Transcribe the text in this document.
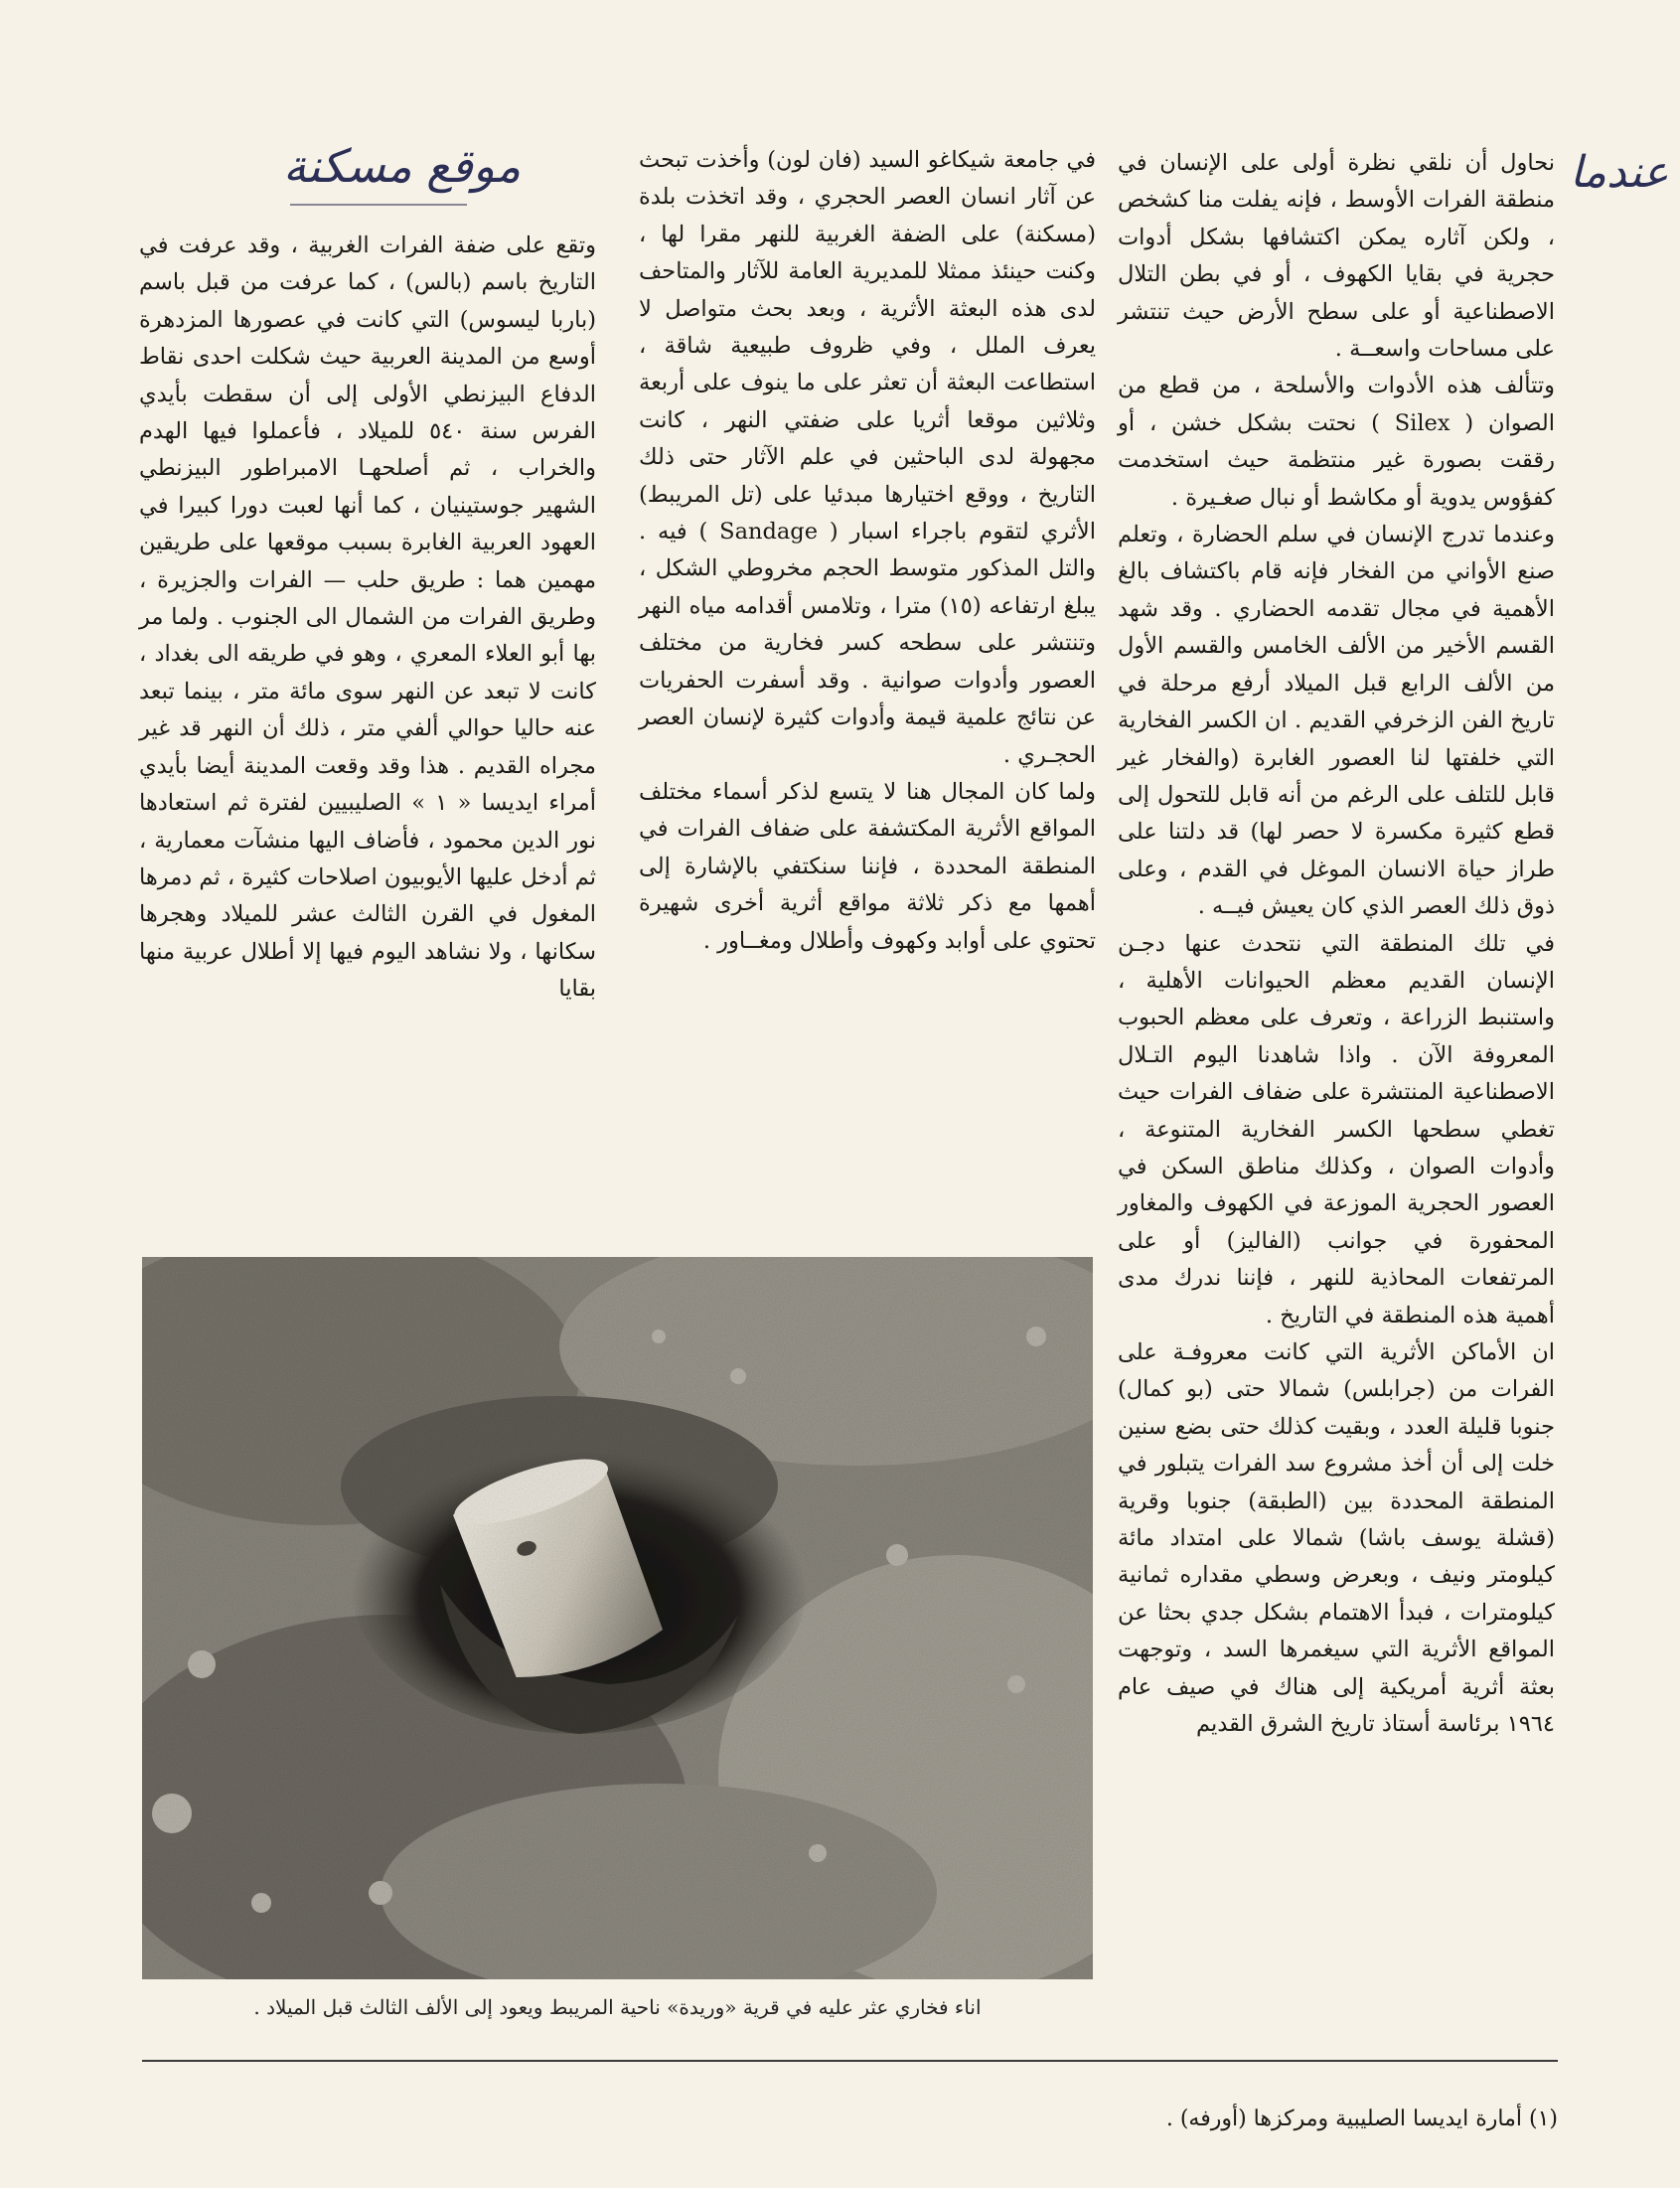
عندما

نحاول أن نلقي نظرة أولى على الإنسان في منطقة الفرات الأوسط ، فإنه يفلت منا كشخص ، ولكن آثاره يمكن اكتشافها بشكل أدوات حجرية في بقايا الكهوف ، أو في بطن التلال الاصطناعية أو على سطح الأرض حيث تنتشر على مساحات واسعــة .

وتتألف هذه الأدوات والأسلحة ، من قطع من الصوان ( Silex ) نحتت بشكل خشن ، أو رققت بصورة غير منتظمة حيث استخدمت كفؤوس يدوية أو مكاشط أو نبال صغـيرة .

وعندما تدرج الإنسان في سلم الحضارة ، وتعلم صنع الأواني من الفخار فإنه قام باكتشاف بالغ الأهمية في مجال تقدمه الحضاري . وقد شهد القسم الأخير من الألف الخامس والقسم الأول من الألف الرابع قبل الميلاد أرفع مرحلة في تاريخ الفن الزخرفي القديم . ان الكسر الفخارية التي خلفتها لنا العصور الغابرة (والفخار غير قابل للتلف على الرغم من أنه قابل للتحول إلى قطع كثيرة مكسرة لا حصر لها) قد دلتنا على طراز حياة الانسان الموغل في القدم ، وعلى ذوق ذلك العصر الذي كان يعيش فيــه .

في تلك المنطقة التي نتحدث عنها دجـن الإنسان القديم معظم الحيوانات الأهلية ، واستنبط الزراعة ، وتعرف على معظم الحبوب المعروفة الآن . واذا شاهدنا اليوم التـلال الاصطناعية المنتشرة على ضفاف الفرات حيث تغطي سطحها الكسر الفخارية المتنوعة ، وأدوات الصوان ، وكذلك مناطق السكن في العصور الحجرية الموزعة في الكهوف والمغاور المحفورة في جوانب (الفاليز) أو على المرتفعات المحاذية للنهر ، فإننا ندرك مدى أهمية هذه المنطقة في التاريخ .

ان الأماكن الأثرية التي كانت معروفـة على الفرات من (جرابلس) شمالا حتى (بو كمال) جنوبا قليلة العدد ، وبقيت كذلك حتى بضع سنين خلت إلى أن أخذ مشروع سد الفرات يتبلور في المنطقة المحددة بين (الطبقة) جنوبا وقرية (قشلة يوسف باشا) شمالا على امتداد مائة كيلومتر ونيف ، وبعرض وسطي مقداره ثمانية كيلومترات ، فبدأ الاهتمام بشكل جدي بحثا عن المواقع الأثرية التي سيغمرها السد ، وتوجهت بعثة أثرية أمريكية إلى هناك في صيف عام ١٩٦٤ برئاسة أستاذ تاريخ الشرق القديم

في جامعة شيكاغو السيد (فان لون) وأخذت تبحث عن آثار انسان العصر الحجري ، وقد اتخذت بلدة (مسكنة) على الضفة الغربية للنهر مقرا لها ، وكنت حينئذ ممثلا للمديرية العامة للآثار والمتاحف لدى هذه البعثة الأثرية ، وبعد بحث متواصل لا يعرف الملل ، وفي ظروف طبيعية شاقة ، استطاعت البعثة أن تعثر على ما ينوف على أربعة وثلاثين موقعا أثريا على ضفتي النهر ، كانت مجهولة لدى الباحثين في علم الآثار حتى ذلك التاريخ ، ووقع اختيارها مبدئيا على (تل المريبط) الأثري لتقوم باجراء اسبار ( Sandage ) فيه . والتل المذكور متوسط الحجم مخروطي الشكل ، يبلغ ارتفاعه (١٥) مترا ، وتلامس أقدامه مياه النهر وتنتشر على سطحه كسر فخارية من مختلف العصور وأدوات صوانية . وقد أسفرت الحفريات عن نتائج علمية قيمة وأدوات كثيرة لإنسان العصر الحجـري .

ولما كان المجال هنا لا يتسع لذكر أسماء مختلف المواقع الأثرية المكتشفة على ضفاف الفرات في المنطقة المحددة ، فإننا سنكتفي بالإشارة إلى أهمها مع ذكر ثلاثة مواقع أثرية أخرى شهيرة تحتوي على أوابد وكهوف وأطلال ومغــاور .

موقع مسكنة

وتقع على ضفة الفرات الغربية ، وقد عرفت في التاريخ باسم (بالس) ، كما عرفت من قبل باسم (باربا ليسوس) التي كانت في عصورها المزدهرة أوسع من المدينة العربية حيث شكلت احدى نقاط الدفاع البيزنطي الأولى إلى أن سقطت بأيدي الفرس سنة ٥٤٠ للميلاد ، فأعملوا فيها الهدم والخراب ، ثم أصلحهـا الامبراطور البيزنطي الشهير جوستينيان ، كما أنها لعبت دورا كبيرا في العهود العربية الغابرة بسبب موقعها على طريقين مهمين هما : طريق حلب — الفرات والجزيرة ، وطريق الفرات من الشمال الى الجنوب . ولما مر بها أبو العلاء المعري ، وهو في طريقه الى بغداد ، كانت لا تبعد عن النهر سوى مائة متر ، بينما تبعد عنه حاليا حوالي ألفي متر ، ذلك أن النهر قد غير مجراه القديم . هذا وقد وقعت المدينة أيضا بأيدي أمراء ايديسا « ١ » الصليبيين لفترة ثم استعادها نور الدين محمود ، فأضاف اليها منشآت معمارية ، ثم أدخل عليها الأيوبيون اصلاحات كثيرة ، ثم دمرها المغول في القرن الثالث عشر للميلاد وهجرها سكانها ، ولا نشاهد اليوم فيها إلا أطلال عربية منها بقايا

اناء فخاري عثر عليه في قرية «وريدة» ناحية المريبط ويعود إلى الألف الثالث قبل الميلاد .
(١) أمارة ايديسا الصليبية ومركزها (أورفه) .
